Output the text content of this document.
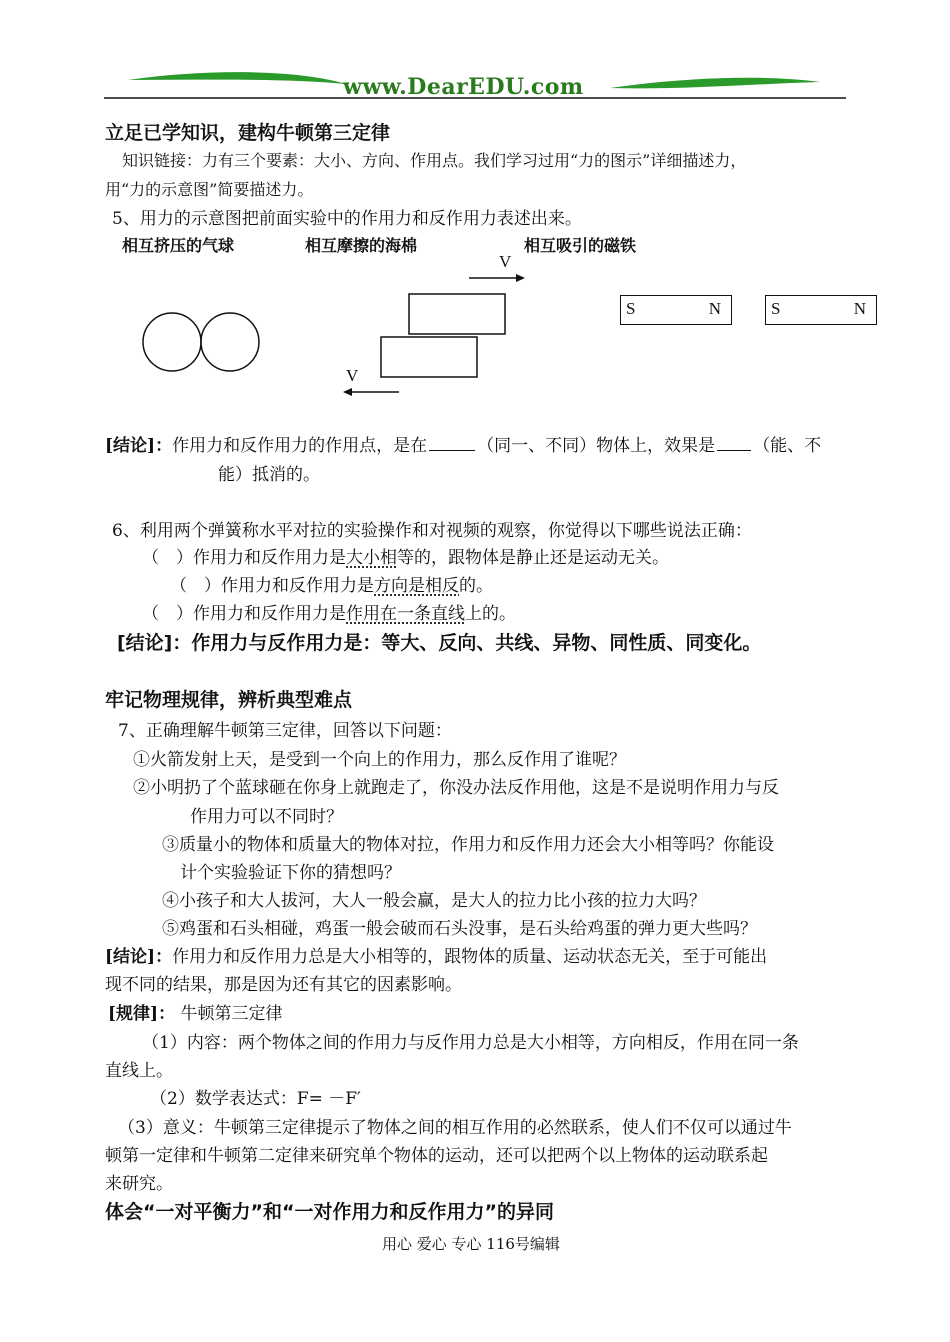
www.DearEDU.com
立足已学知识，建构牛顿第三定律
知识链接：力有三个要素：大小、方向、作用点。我们学习过用“力的图示”详细描述力，
用“力的示意图”简要描述力。
5、用力的示意图把前面实验中的作用力和反作用力表述出来。
相互挤压的气球	相互摩擦的海棉	相互吸引的磁铁
V
V
S	N	S	N
[结论]：作用力和反作用力的作用点，是在	（同一、不同）物体上，效果是 （能、不
能）抵消的。
6、利用两个弹簧称水平对拉的实验操作和对视频的观察，你觉得以下哪些说法正确：
（　）作用力和反作用力是大小相等的，跟物体是静止还是运动无关。
（　）作用力和反作用力是方向是相反的。
（　）作用力和反作用力是作用在一条直线上的。
[结论]：作用力与反作用力是：等大、反向、共线、异物、同性质、同变化。
牢记物理规律，辨析典型难点
7、正确理解牛顿第三定律，回答以下问题：
①火箭发射上天，是受到一个向上的作用力，那么反作用了谁呢？
②小明扔了个蓝球砸在你身上就跑走了，你没办法反作用他，这是不是说明作用力与反
作用力可以不同时？
③质量小的物体和质量大的物体对拉，作用力和反作用力还会大小相等吗？你能设
计个实验验证下你的猜想吗？
④小孩子和大人拔河，大人一般会赢，是大人的拉力比小孩的拉力大吗？
⑤鸡蛋和石头相碰，鸡蛋一般会破而石头没事，是石头给鸡蛋的弹力更大些吗？
[结论]：作用力和反作用力总是大小相等的，跟物体的质量、运动状态无关，至于可能出
现不同的结果，那是因为还有其它的因素影响。
[规律]： 牛顿第三定律
（1）内容：两个物体之间的作用力与反作用力总是大小相等，方向相反，作用在同一条
直线上。
（2）数学表达式：F= －F′
（3）意义：牛顿第三定律提示了物体之间的相互作用的必然联系，使人们不仅可以通过牛
顿第一定律和牛顿第二定律来研究单个物体的运动，还可以把两个以上物体的运动联系起
来研究。
体会“一对平衡力”和“一对作用力和反作用力”的异同
用心 爱心 专心 116号编辑
